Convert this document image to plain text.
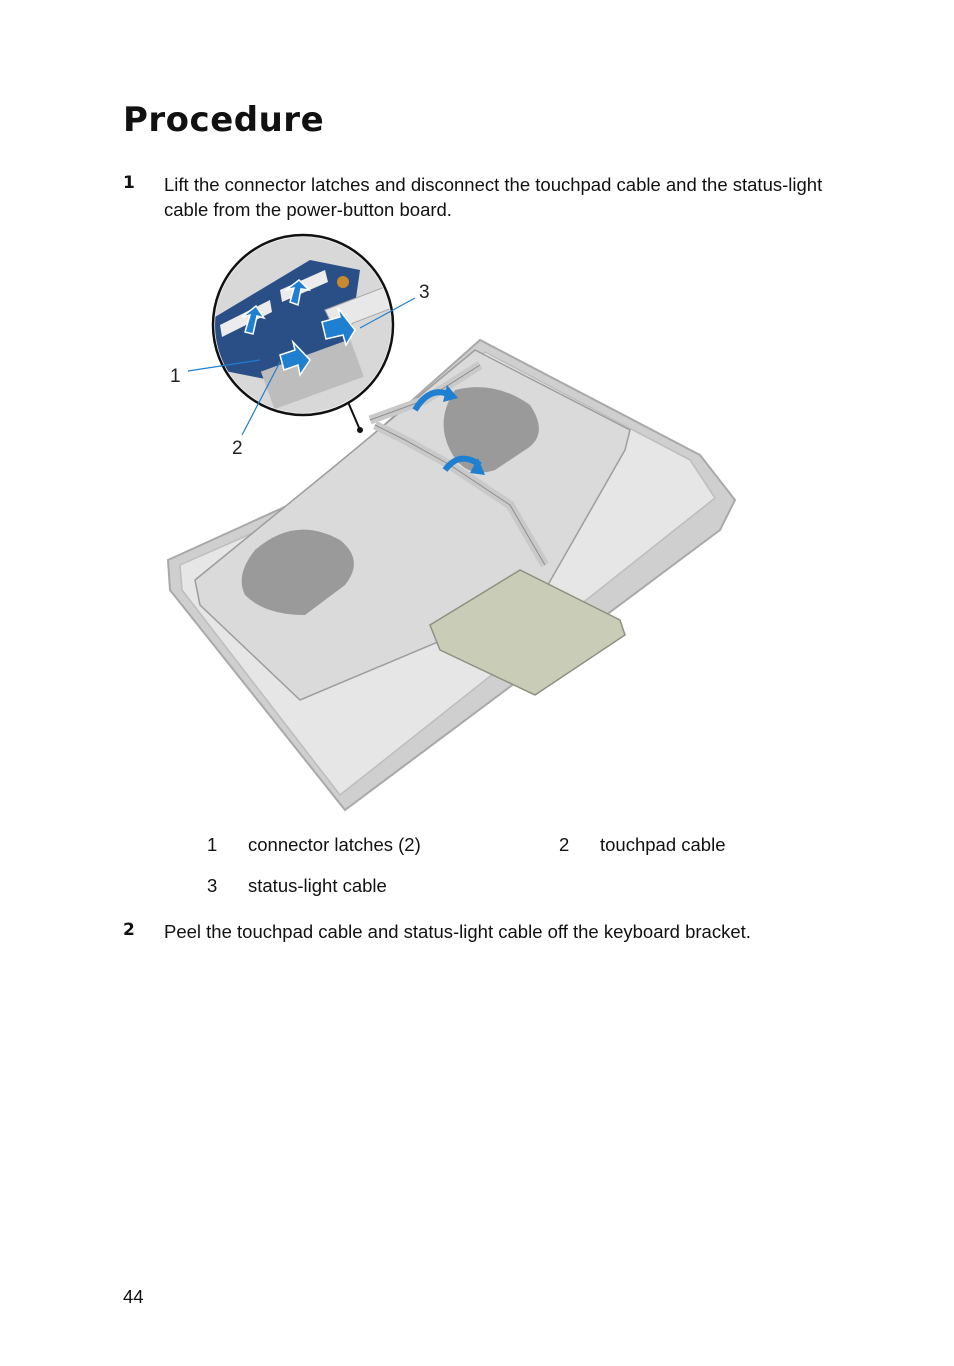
Procedure
1 Lift the connector latches and disconnect the touchpad cable and the status-light cable from the power-button board.
1
2
3
1 connector latches (2)	2 touchpad cable
3 status-light cable
2 Peel the touchpad cable and status-light cable off the keyboard bracket.
44
